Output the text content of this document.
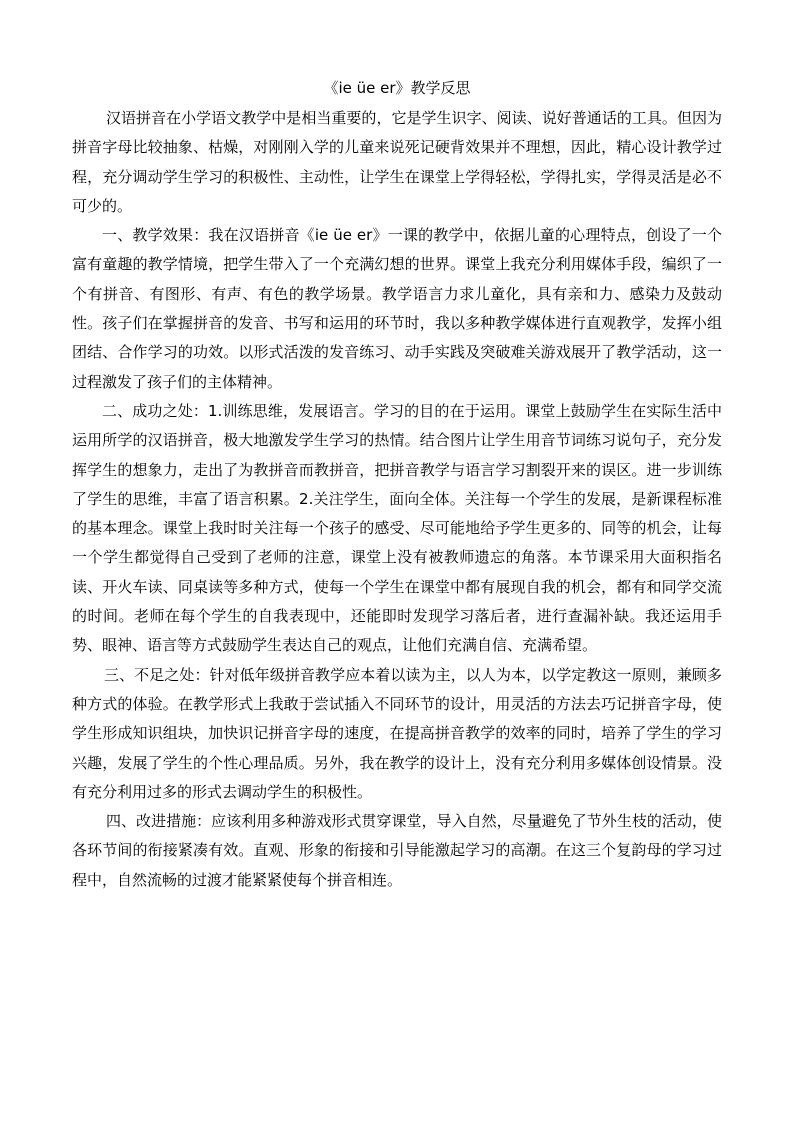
《ie üe er》教学反思

汉语拼音在小学语文教学中是相当重要的，它是学生识字、阅读、说好普通话的工具。但因为拼音字母比较抽象、枯燥，对刚刚入学的儿童来说死记硬背效果并不理想，因此，精心设计教学过程，充分调动学生学习的积极性、主动性，让学生在课堂上学得轻松，学得扎实，学得灵活是必不可少的。

一、教学效果：我在汉语拼音《ie üe er》一课的教学中，依据儿童的心理特点，创设了一个富有童趣的教学情境，把学生带入了一个充满幻想的世界。课堂上我充分利用媒体手段，编织了一个有拼音、有图形、有声、有色的教学场景。教学语言力求儿童化，具有亲和力、感染力及鼓动性。孩子们在掌握拼音的发音、书写和运用的环节时，我以多种教学媒体进行直观教学，发挥小组团结、合作学习的功效。以形式活泼的发音练习、动手实践及突破难关游戏展开了教学活动，这一过程激发了孩子们的主体精神。

二、成功之处：1.训练思维，发展语言。学习的目的在于运用。课堂上鼓励学生在实际生活中运用所学的汉语拼音，极大地激发学生学习的热情。结合图片让学生用音节词练习说句子，充分发挥学生的想象力，走出了为教拼音而教拼音，把拼音教学与语言学习割裂开来的误区。进一步训练了学生的思维，丰富了语言积累。2.关注学生，面向全体。关注每一个学生的发展，是新课程标准的基本理念。课堂上我时时关注每一个孩子的感受、尽可能地给予学生更多的、同等的机会，让每一个学生都觉得自己受到了老师的注意，课堂上没有被教师遗忘的角落。本节课采用大面积指名读、开火车读、同桌读等多种方式，使每一个学生在课堂中都有展现自我的机会，都有和同学交流的时间。老师在每个学生的自我表现中，还能即时发现学习落后者，进行查漏补缺。我还运用手势、眼神、语言等方式鼓励学生表达自己的观点，让他们充满自信、充满希望。

三、不足之处：针对低年级拼音教学应本着以读为主，以人为本，以学定教这一原则，兼顾多种方式的体验。在教学形式上我敢于尝试插入不同环节的设计，用灵活的方法去巧记拼音字母，使学生形成知识组块，加快识记拼音字母的速度，在提高拼音教学的效率的同时，培养了学生的学习兴趣，发展了学生的个性心理品质。另外，我在教学的设计上，没有充分利用多媒体创设情景。没有充分利用过多的形式去调动学生的积极性。

四、改进措施：应该利用多种游戏形式贯穿课堂，导入自然，尽量避免了节外生枝的活动，使各环节间的衔接紧凑有效。直观、形象的衔接和引导能激起学习的高潮。在这三个复韵母的学习过程中，自然流畅的过渡才能紧紧使每个拼音相连。
